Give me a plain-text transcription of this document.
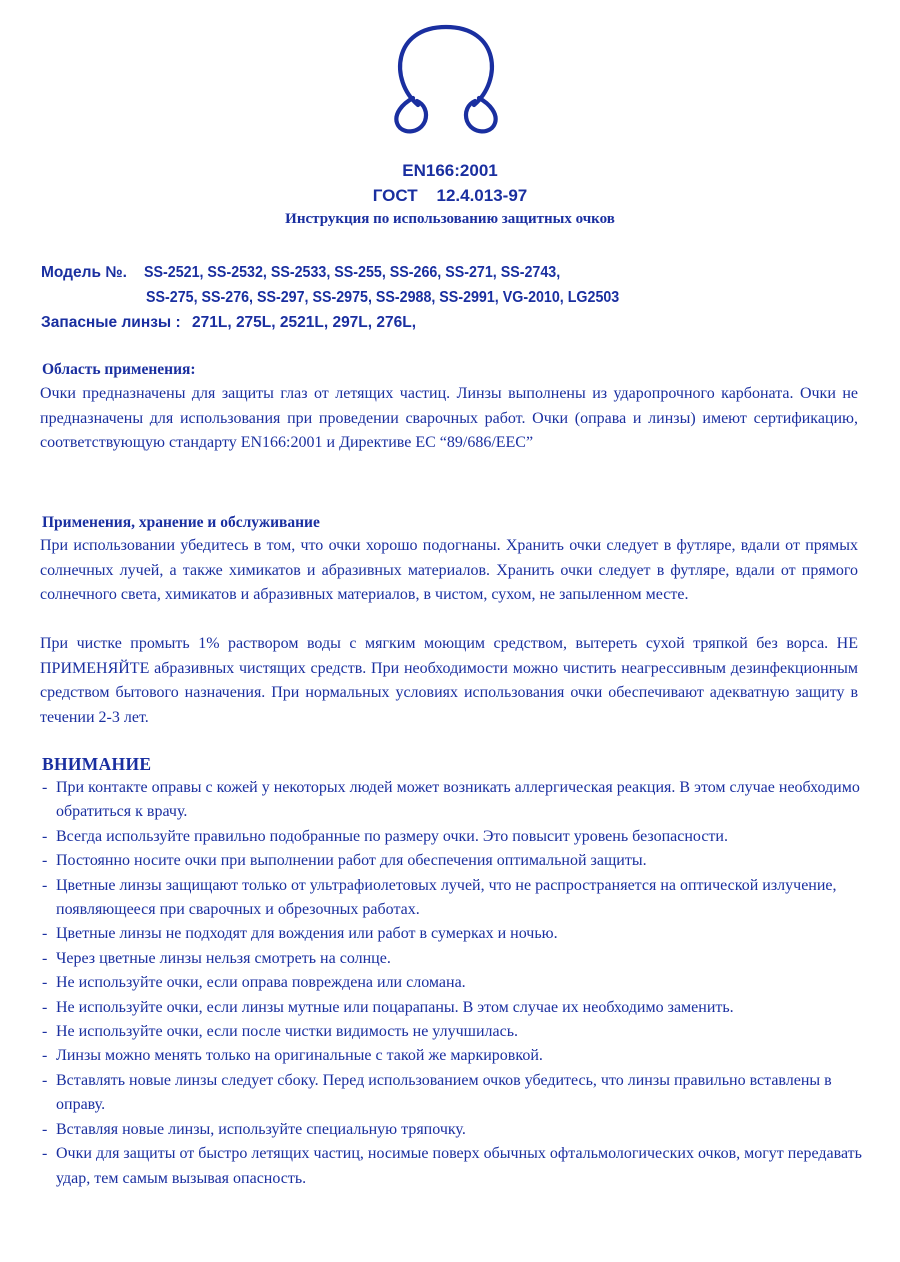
EN166:2001
ГОСТ    12.4.013-97
Инструкция по использованию защитных очков
Модель №. SS-2521, SS-2532, SS-2533, SS-255, SS-266, SS-271, SS-2743,
SS-275, SS-276, SS-297, SS-2975, SS-2988, SS-2991, VG-2010, LG2503
Запасные линзы : 271L, 275L, 2521L, 297L, 276L,
Область применения:

Очки предназначены для защиты глаз от летящих частиц. Линзы выполнены из ударопрочного карбоната. Очки не предназначены для использования при проведении сварочных работ. Очки (оправа и линзы) имеют сертификацию, соответствующую стандарту EN166:2001 и Директиве ЕС “89/686/EEC”

Применения, хранение и обслуживание

При использовании убедитесь в том, что очки хорошо подогнаны. Хранить очки следует в футляре, вдали от прямых солнечных лучей, а также химикатов и абразивных материалов. Хранить очки следует в футляре, вдали от прямого солнечного света, химикатов и абразивных материалов, в чистом, сухом, не запыленном месте.

При чистке промыть 1% раствором воды с мягким моющим средством, вытереть сухой тряпкой без ворса. НЕ ПРИМЕНЯЙТЕ абразивных чистящих средств. При необходимости можно чистить неагрессивным дезинфекционным средством бытового назначения. При нормальных условиях использования очки обеспечивают адекватную защиту в течении 2-3 лет.

ВНИМАНИЕ
- При контакте оправы с кожей у некоторых людей может возникать аллергическая реакция. В этом случае необходимо обратиться к врачу.
- Всегда используйте правильно подобранные по размеру очки. Это повысит уровень безопасности.
- Постоянно носите очки при выполнении работ для обеспечения оптимальной защиты.
- Цветные линзы защищают только от ультрафиолетовых лучей, что не распространяется на оптической излучение, появляющееся при сварочных и обрезочных работах.
- Цветные линзы не подходят для вождения или работ в сумерках и ночью.
- Через цветные линзы нельзя смотреть на солнце.
- Не используйте очки, если оправа повреждена или сломана.
- Не используйте очки, если линзы мутные или поцарапаны. В этом случае их необходимо заменить.
- Не используйте очки, если после чистки видимость не улучшилась.
- Линзы можно менять только на оригинальные с такой же маркировкой.
- Вставлять новые линзы следует сбоку. Перед использованием очков убедитесь, что линзы правильно вставлены в оправу.
- Вставляя новые линзы, используйте специальную тряпочку.
- Очки для защиты от быстро летящих частиц, носимые поверх обычных офтальмологических очков, могут передавать удар, тем самым вызывая опасность.
